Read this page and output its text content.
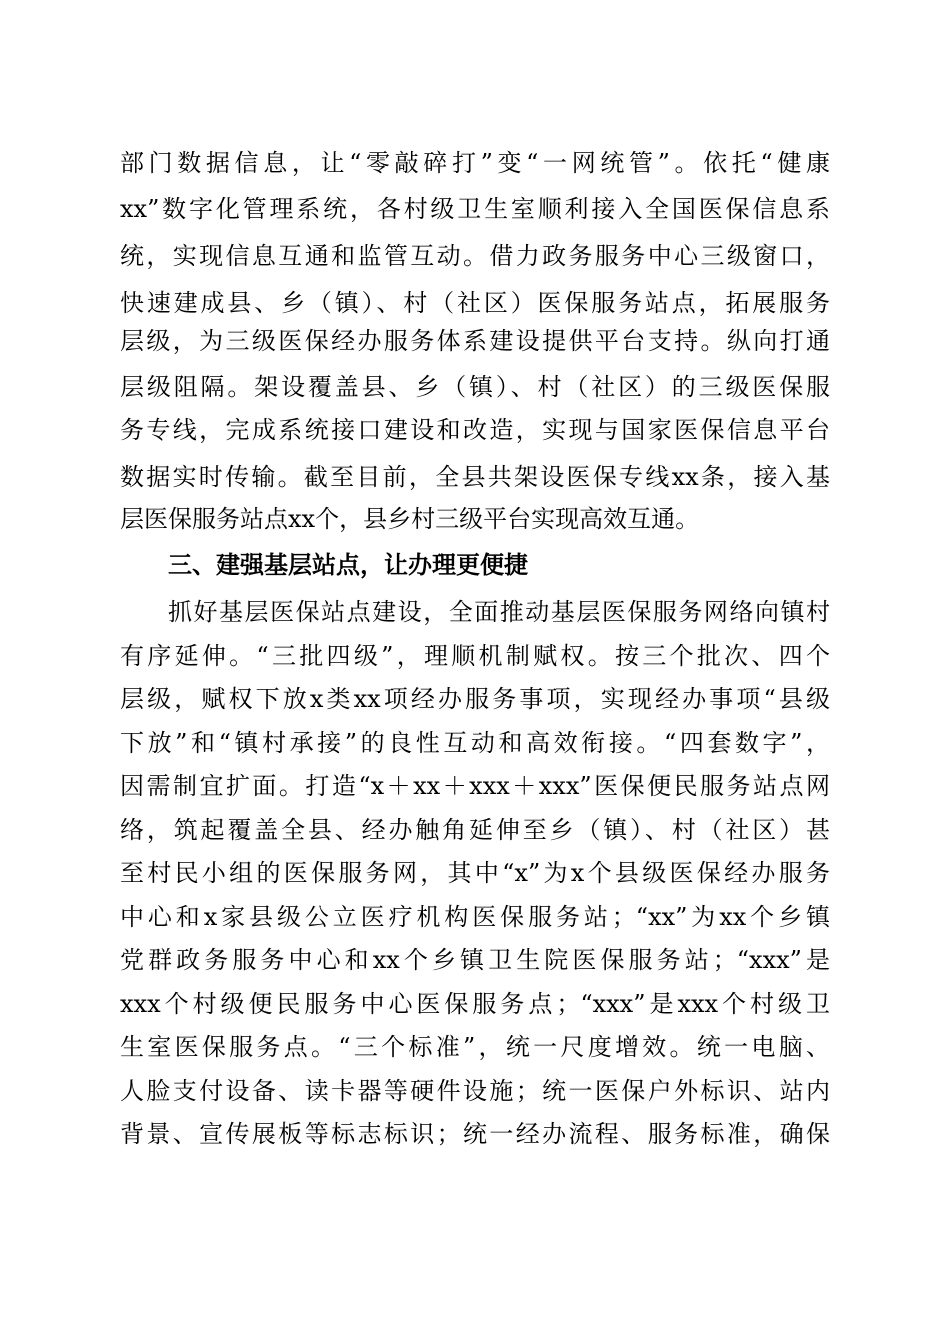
部门数据信息，让“零敲碎打”变“一网统管”。依托“健康
xx”数字化管理系统，各村级卫生室顺利接入全国医保信息系
统，实现信息互通和监管互动。借力政务服务中心三级窗口，
快速建成县、乡（镇）、村（社区）医保服务站点，拓展服务
层级，为三级医保经办服务体系建设提供平台支持。纵向打通
层级阻隔。架设覆盖县、乡（镇）、村（社区）的三级医保服
务专线，完成系统接口建设和改造，实现与国家医保信息平台
数据实时传输。截至目前，全县共架设医保专线xx条，接入基
层医保服务站点xx个，县乡村三级平台实现高效互通。
三、建强基层站点，让办理更便捷
抓好基层医保站点建设，全面推动基层医保服务网络向镇村
有序延伸。“三批四级”，理顺机制赋权。按三个批次、四个
层级，赋权下放x类xx项经办服务事项，实现经办事项“县级
下放”和“镇村承接”的良性互动和高效衔接。“四套数字”，
因需制宜扩面。打造“x＋xx＋xxx＋xxx”医保便民服务站点网
络，筑起覆盖全县、经办触角延伸至乡（镇）、村（社区）甚
至村民小组的医保服务网，其中“x”为x个县级医保经办服务
中心和x家县级公立医疗机构医保服务站；“xx”为xx个乡镇
党群政务服务中心和xx个乡镇卫生院医保服务站；“xxx”是
xxx个村级便民服务中心医保服务点；“xxx”是xxx个村级卫
生室医保服务点。“三个标准”，统一尺度增效。统一电脑、
人脸支付设备、读卡器等硬件设施；统一医保户外标识、站内
背景、宣传展板等标志标识；统一经办流程、服务标准，确保
